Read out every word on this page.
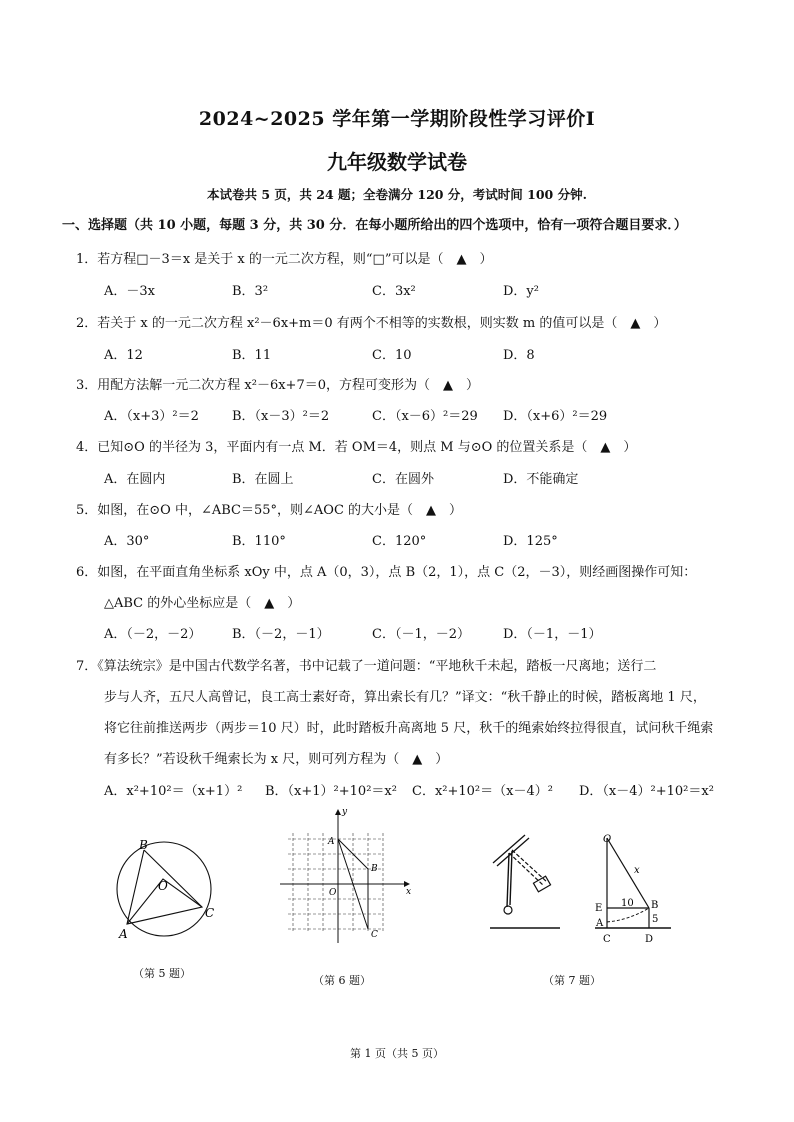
2024~2025 学年第一学期阶段性学习评价I
九年级数学试卷
本试卷共 5 页，共 24 题；全卷满分 120 分，考试时间 100 分钟.
一、选择题（共 10 小题，每题 3 分，共 30 分．在每小题所给出的四个选项中，恰有一项符合题目要求．）
1．若方程□－3＝x 是关于 x 的一元二次方程，则“□”可以是（　▲　）
A．－3x	B．3²	C．3x²	D．y²
2．若关于 x 的一元二次方程 x²－6x+m＝0 有两个不相等的实数根，则实数 m 的值可以是（　▲　）
A．12	B．11	C．10	D．8
3．用配方法解一元二次方程 x²－6x+7＝0，方程可变形为（　▲　）
A．（x+3）²＝2	B．（x－3）²＝2	C．（x－6）²＝29 D．（x+6）²＝29
4．已知⊙O 的半径为 3，平面内有一点 M．若 OM＝4，则点 M 与⊙O 的位置关系是（　▲　）
A．在圆内	B．在圆上	C．在圆外	D．不能确定
5．如图，在⊙O 中，∠ABC＝55°，则∠AOC 的大小是（　▲　）
A．30°	B．110°	C．120°	D．125°
6．如图，在平面直角坐标系 xOy 中，点 A（0，3），点 B（2，1），点 C（2，－3），则经画图操作可知：
△ABC 的外心坐标应是（　▲　）
A．（－2，－2） B．（－2，－1）	C．（－1，－2）	D．（－1，－1）
7．《算法统宗》是中国古代数学名著，书中记载了一道问题：“平地秋千未起，踏板一尺离地；送行二
步与人齐，五尺人高曾记，良工高士素好奇，算出索长有几？”译文：“秋千静止的时候，踏板离地 1 尺，
将它往前推送两步（两步＝10 尺）时，此时踏板升高离地 5 尺，秋千的绳索始终拉得很直，试问秋千绳索
有多长？”若设秋千绳索长为 x 尺，则可列方程为（　▲　）
A．x²+10²＝（x+1）² B．（x+1）²+10²＝x² C．x²+10²＝（x－4）² D．（x－4）²+10²＝x²
B
O
A
C
（第 5 题）
y
x
O
A
B
C
（第 6 题）
O
x
E 10 B
A	5
C	D
（第 7 题）
第 1 页（共 5 页）
